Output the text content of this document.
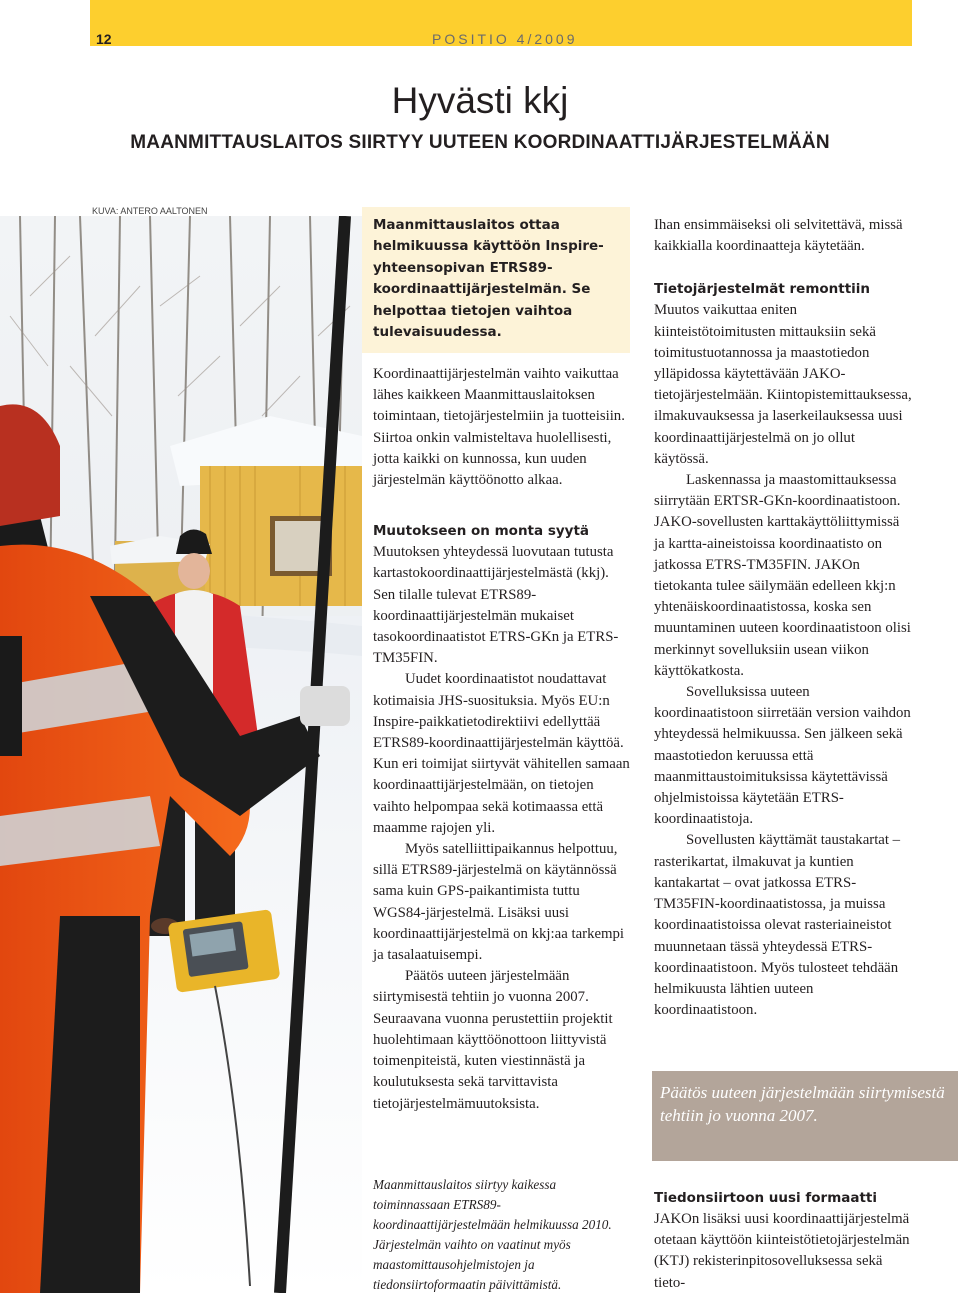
12	POSITIO 4/2009
Hyvästi kkj
MAANMITTAUSLAITOS SIIRTYY UUTEEN KOORDINAATTIJÄRJESTELMÄÄN
KUVA: ANTERO AALTONEN

Maanmittauslaitos ottaa helmikuussa käyttöön Inspire-yhteensopivan ETRS89-koordinaattijärjestelmän. Se helpottaa tietojen vaihtoa tulevaisuudessa.

Koordinaattijärjestelmän vaihto vaikuttaa lähes kaikkeen Maanmittauslaitoksen toimintaan, tietojärjestelmiin ja tuotteisiin. Siirtoa onkin valmisteltava huolellisesti, jotta kaikki on kunnossa, kun uuden järjestelmän käyttöönotto alkaa.

Muutokseen on monta syytä

Muutoksen yhteydessä luovutaan tutusta kartastokoordinaattijärjestelmästä (kkj). Sen tilalle tulevat ETRS89-koordinaattijärjestelmän mukaiset tasokoordinaatistot ETRS-GKn ja ETRS-TM35FIN.

Uudet koordinaatistot noudattavat kotimaisia JHS-suosituksia. Myös EU:n Inspire-paikkatietodirektiivi edellyttää ETRS89-koordinaattijärjestelmän käyttöä. Kun eri toimijat siirtyvät vähitellen samaan koordinaattijärjestelmään, on tietojen vaihto helpompaa sekä kotimaassa että maamme rajojen yli.

Myös satelliittipaikannus helpottuu, sillä ETRS89-järjestelmä on käytännössä sama kuin GPS-paikantimista tuttu WGS84-järjestelmä. Lisäksi uusi koordinaattijärjestelmä on kkj:aa tarkempi ja tasalaatuisempi.

Päätös uuteen järjestelmään siirtymisestä tehtiin jo vuonna 2007. Seuraavana vuonna perustettiin projektit huolehtimaan käyttöönottoon liittyvistä toimenpiteistä, kuten viestinnästä ja koulutuksesta sekä tarvittavista tietojärjestelmämuutoksista.

Maanmittauslaitos siirtyy kaikessa toiminnassaan ETRS89-koordinaattijärjestelmään helmikuussa 2010. Järjestelmän vaihto on vaatinut myös maastomittausohjelmistojen ja tiedonsiirtoformaatin päivittämistä.

Ihan ensimmäiseksi oli selvitettävä, missä kaikkialla koordinaatteja käytetään.

Tietojärjestelmät remonttiin

Muutos vaikuttaa eniten kiinteistötoimitusten mittauksiin sekä toimitustuotannossa ja maastotiedon ylläpidossa käytettävään JAKO-tietojärjestelmään. Kiintopistemittauksessa, ilmakuvauksessa ja laserkeilauksessa uusi koordinaattijärjestelmä on jo ollut käytössä.

Laskennassa ja maastomittauksessa siirrytään ERTSR-GKn-koordinaatistoon. JAKO-sovellusten karttakäyttöliittymissä ja kartta-aineistoissa koordinaatisto on jatkossa ETRS-TM35FIN. JAKOn tietokanta tulee säilymään edelleen kkj:n yhtenäiskoordinaatistossa, koska sen muuntaminen uuteen koordinaatistoon olisi merkinnyt sovelluksiin usean viikon käyttökatkosta.

Sovelluksissa uuteen koordinaatistoon siirretään version vaihdon yhteydessä helmikuussa. Sen jälkeen sekä maastotiedon keruussa että maanmittaustoimituksissa käytettävissä ohjelmistoissa käytetään ETRS-koordinaatistoja.

Sovellusten käyttämät taustakartat – rasterikartat, ilmakuvat ja kuntien kantakartat – ovat jatkossa ETRS-TM35FIN-koordinaatistossa, ja muissa koordinaatistoissa olevat rasteriaineistot muunnetaan tässä yhteydessä ETRS-koordinaatistoon. Myös tulosteet tehdään helmikuusta lähtien uuteen koordinaatistoon.

Päätös uuteen järjestelmään siirtymisestä tehtiin jo vuonna 2007.

Tiedonsiirtoon uusi formaatti

JAKOn lisäksi uusi koordinaattijärjestelmä otetaan käyttöön kiinteistötietojärjestelmän (KTJ) rekisterinpitosovelluksessa sekä tieto-
